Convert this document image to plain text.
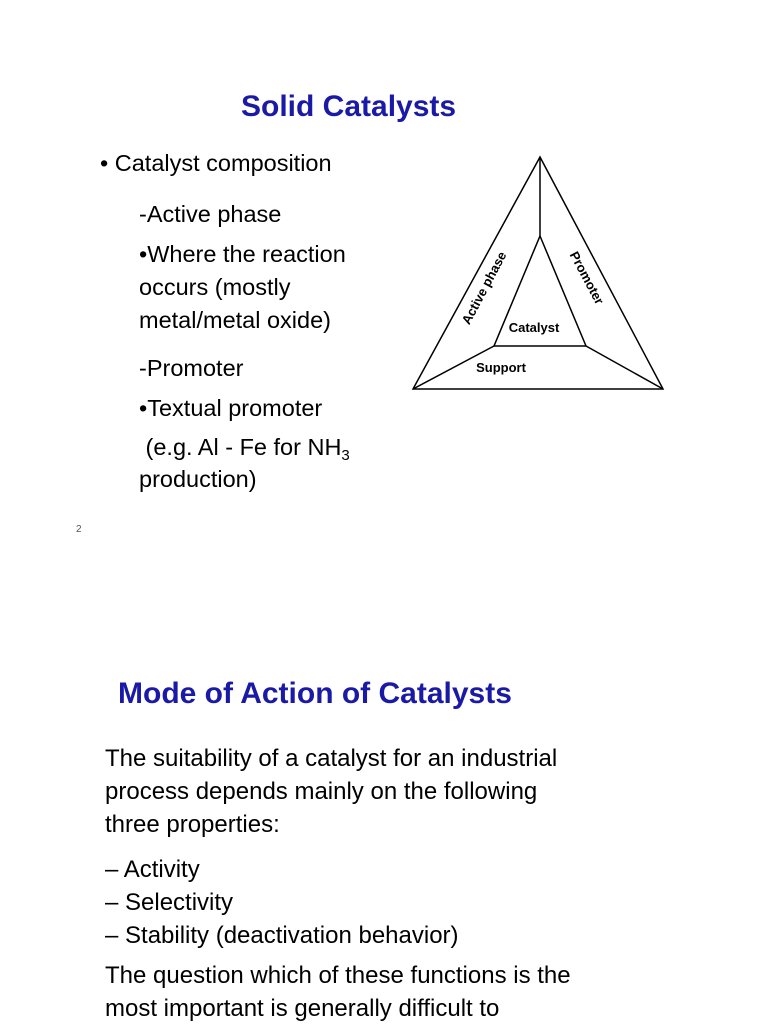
Solid Catalysts
• Catalyst composition
-Active phase
•Where the reaction
occurs (mostly
metal/metal oxide)
-Promoter
•Textual promoter
(e.g. Al - Fe for $NH_3$
production)
2
Active phase	Promoter
Catalyst
Support
Mode of Action of Catalysts
The suitability of a catalyst for an industrial
process depends mainly on the following
three properties:
– Activity
– Selectivity
– Stability (deactivation behavior)
The question which of these functions is the
most important is generally difficult to
